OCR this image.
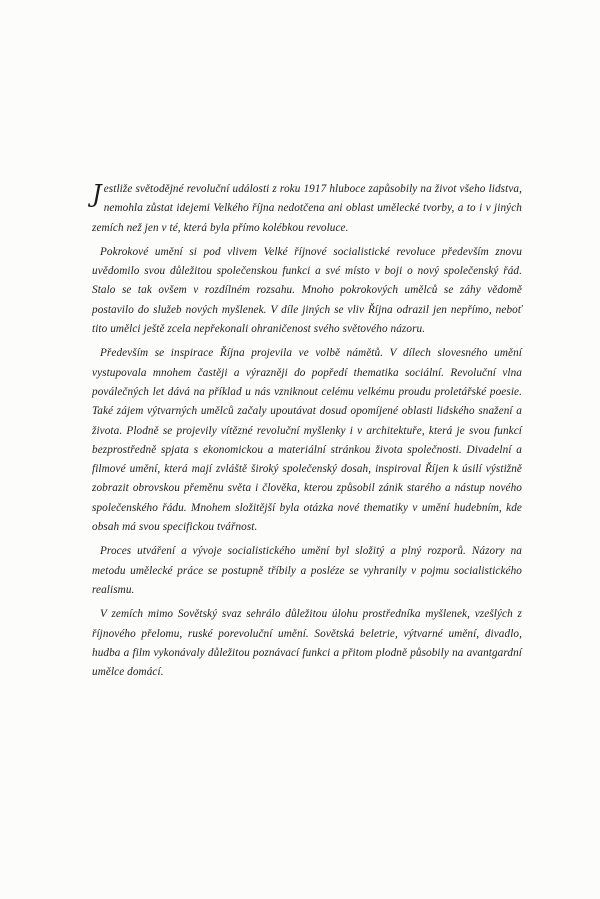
Jestliže světodějné revoluční události z roku 1917 hluboce zapůsobily na život všeho lidstva, nemohla zůstat idejemi Velkého října nedotčena ani oblast umělecké tvorby, a to i v jiných zemích než jen v té, která byla přímo kolébkou revoluce.

Pokrokové umění si pod vlivem Velké říjnové socialistické revoluce především znovu uvědomilo svou důležitou společenskou funkci a své místo v boji o nový společenský řád. Stalo se tak ovšem v rozdílném rozsahu. Mnoho pokrokových umělců se záhy vědomě postavilo do služeb nových myšlenek. V díle jiných se vliv Října odrazil jen nepřímo, neboť tito umělci ještě zcela nepřekonali ohraničenost svého světového názoru.

Především se inspirace Října projevila ve volbě námětů. V dílech slovesného umění vystupovala mnohem častěji a výrazněji do popředí thematika sociální. Revoluční vlna poválečných let dává na příklad u nás vzniknout celému velkému proudu proletářské poesie. Také zájem výtvarných umělců začaly upoutávat dosud opomíjené oblasti lidského snažení a života. Plodně se projevily vítězné revoluční myšlenky i v architektuře, která je svou funkcí bezprostředně spjata s ekonomickou a materiální stránkou života společnosti. Divadelní a filmové umění, která mají zvláště široký společenský dosah, inspiroval Říjen k úsilí výstižně zobrazit obrovskou přeměnu světa i člověka, kterou způsobil zánik starého a nástup nového společenského řádu. Mnohem složitější byla otázka nové thematiky v umění hudebním, kde obsah má svou specifickou tvářnost.

Proces utváření a vývoje socialistického umění byl složitý a plný rozporů. Názory na metodu umělecké práce se postupně tříbily a posléze se vyhranily v pojmu socialistického realismu.

V zemích mimo Sovětský svaz sehrálo důležitou úlohu prostředníka myšlenek, vzešlých z říjnového přelomu, ruské porevoluční umění. Sovětská beletrie, výtvarné umění, divadlo, hudba a film vykonávaly důležitou poznávací funkci a přitom plodně působily na avantgardní umělce domácí.
